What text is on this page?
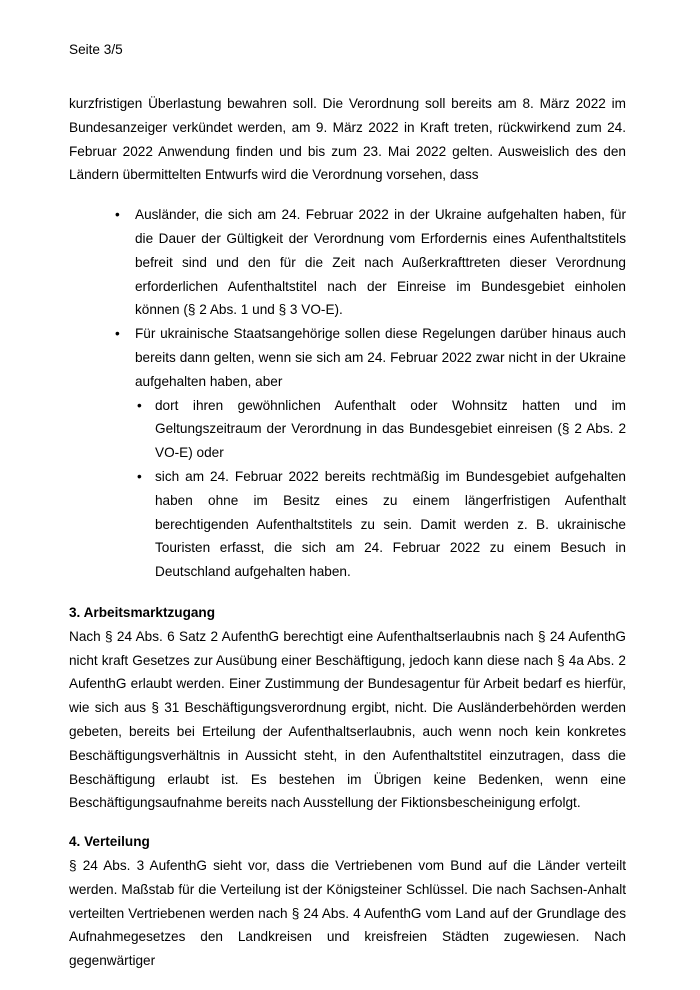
Seite 3/5

kurzfristigen Überlastung bewahren soll. Die Verordnung soll bereits am 8. März 2022 im Bundesanzeiger verkündet werden, am 9. März 2022 in Kraft treten, rückwirkend zum 24. Februar 2022 Anwendung finden und bis zum 23. Mai 2022 gelten. Ausweislich des den Ländern übermittelten Entwurfs wird die Verordnung vorsehen, dass

• Ausländer, die sich am 24. Februar 2022 in der Ukraine aufgehalten haben, für die Dauer der Gültigkeit der Verordnung vom Erfordernis eines Aufenthaltstitels befreit sind und den für die Zeit nach Außerkrafttreten dieser Verordnung erforderlichen Aufenthaltstitel nach der Einreise im Bundesgebiet einholen können (§ 2 Abs. 1 und § 3 VO-E).
• Für ukrainische Staatsangehörige sollen diese Regelungen darüber hinaus auch bereits dann gelten, wenn sie sich am 24. Februar 2022 zwar nicht in der Ukraine aufgehalten haben, aber
• dort ihren gewöhnlichen Aufenthalt oder Wohnsitz hatten und im Geltungszeitraum der Verordnung in das Bundesgebiet einreisen (§ 2 Abs. 2 VO-E) oder
• sich am 24. Februar 2022 bereits rechtmäßig im Bundesgebiet aufgehalten haben ohne im Besitz eines zu einem längerfristigen Aufenthalt berechtigenden Aufenthaltstitels zu sein. Damit werden z. B. ukrainische Touristen erfasst, die sich am 24. Februar 2022 zu einem Besuch in Deutschland aufgehalten haben.
3. Arbeitsmarktzugang

Nach § 24 Abs. 6 Satz 2 AufenthG berechtigt eine Aufenthaltserlaubnis nach § 24 AufenthG nicht kraft Gesetzes zur Ausübung einer Beschäftigung, jedoch kann diese nach § 4a Abs. 2 AufenthG erlaubt werden. Einer Zustimmung der Bundesagentur für Arbeit bedarf es hierfür, wie sich aus § 31 Beschäftigungsverordnung ergibt, nicht. Die Ausländerbehörden werden gebeten, bereits bei Erteilung der Aufenthaltserlaubnis, auch wenn noch kein konkretes Beschäftigungsverhältnis in Aussicht steht, in den Aufenthaltstitel einzutragen, dass die Beschäftigung erlaubt ist. Es bestehen im Übrigen keine Bedenken, wenn eine Beschäftigungsaufnahme bereits nach Ausstellung der Fiktionsbescheinigung erfolgt.

4. Verteilung

§ 24 Abs. 3 AufenthG sieht vor, dass die Vertriebenen vom Bund auf die Länder verteilt werden. Maßstab für die Verteilung ist der Königsteiner Schlüssel. Die nach Sachsen-Anhalt verteilten Vertriebenen werden nach § 24 Abs. 4 AufenthG vom Land auf der Grundlage des Aufnahmegesetzes den Landkreisen und kreisfreien Städten zugewiesen. Nach gegenwärtiger
